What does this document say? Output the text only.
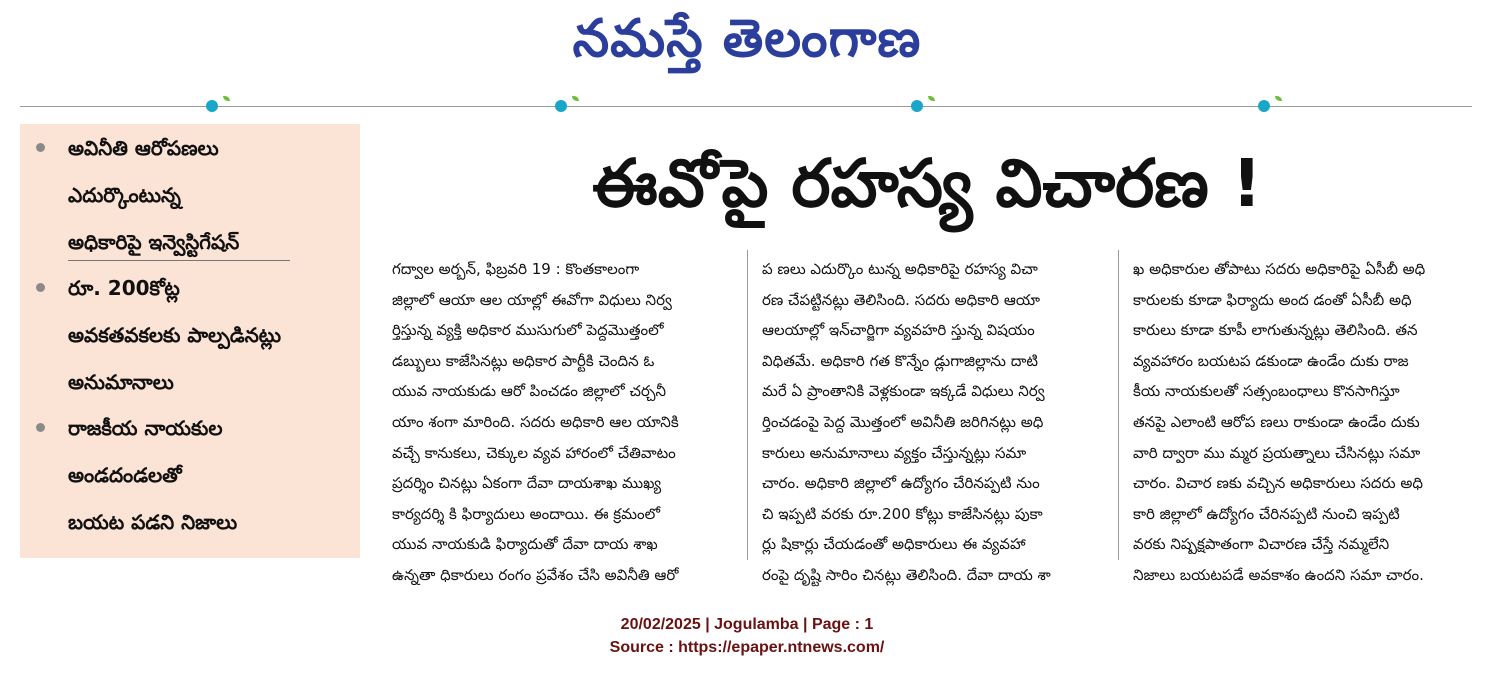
నమస్తే తెలంగాణ
అవినీతి ఆరోపణలు
ఎదుర్కొంటున్న
అధికారిపై ఇన్వెస్టిగేషన్
రూ. 200కోట్ల
అవకతవకలకు పాల్పడినట్లు
అనుమానాలు
రాజకీయ నాయకుల
అండదండలతో
బయట పడని నిజాలు
ఈవోపై రహస్య విచారణ !
గద్వాల అర్బన్, ఫిబ్రవరి 19 : కొంతకాలంగా
జిల్లాలో ఆయా ఆల యాల్లో ఈవోగా విధులు నిర్వ
ర్తిస్తున్న వ్యక్తి అధికార ముసుగులో పెద్దమొత్తంలో
డబ్బులు కాజేసినట్లు అధికార పార్టీకి చెందిన ఓ
యువ నాయకుడు ఆరో పించడం జిల్లాలో చర్చనీ
యాం శంగా మారింది. సదరు అధికారి ఆల యానికి
వచ్చే కానుకలు, చెక్కుల వ్యవ హారంలో చేతివాటం
ప్రదర్శిం చినట్లు ఏకంగా దేవా దాయశాఖ ముఖ్య
కార్యదర్శి కి ఫిర్యాదులు అందాయి. ఈ క్రమంలో
యువ నాయకుడి ఫిర్యాదుతో దేవా దాయ శాఖ
ఉన్నతా ధికారులు రంగం ప్రవేశం చేసి అవినీతి ఆరో
ప ణలు ఎదుర్కొం టున్న అధికారిపై రహస్య విచా
రణ చేపట్టినట్లు తెలిసింది. సదరు అధికారి ఆయా
ఆలయాల్లో ఇన్‌చార్జిగా వ్యవహరి స్తున్న విషయం
విధితమే. అధికారి గత కొన్నేం డ్లుగాజిల్లాను దాటి
మరే ఏ ప్రాంతానికి వెళ్లకుండా ఇక్కడే విధులు నిర్వ
ర్తించడంపై పెద్ద మొత్తంలో అవినీతి జరిగినట్లు అధి
కారులు అనుమానాలు వ్యక్తం చేస్తున్నట్లు సమా
చారం. అధికారి జిల్లాలో ఉద్యోగం చేరినప్పటి నుం
చి ఇప్పటి వరకు రూ.200 కోట్లు కాజేసినట్లు పుకా
ర్లు షికార్లు చేయడంతో అధికారులు ఈ వ్యవహా
రంపై దృష్టి సారిం చినట్లు తెలిసింది. దేవా దాయ శా
ఖ అధికారుల తోపాటు సదరు అధికారిపై ఏసీబీ అధి
కారులకు కూడా ఫిర్యాదు అంద డంతో ఏసీబీ అధి
కారులు కూడా కూపీ లాగుతున్నట్లు తెలిసింది. తన
వ్యవహారం బయటప డకుండా ఉండేం దుకు రాజ
కీయ నాయకులతో సత్సంబంధాలు కొనసాగిస్తూ
తనపై ఎలాంటి ఆరోప ణలు రాకుండా ఉండేం దుకు
వారి ద్వారా ము మ్మర ప్రయత్నాలు చేసినట్లు సమా
చారం. విచార ణకు వచ్చిన అధికారులు సదరు అధి
కారి జిల్లాలో ఉద్యోగం చేరినప్పటి నుంచి ఇప్పటి
వరకు నిష్పక్షపాతంగా విచారణ చేస్తే నమ్మలేని
నిజాలు బయటపడే అవకాశం ఉందని సమా చారం.
20/02/2025 | Jogulamba | Page : 1
Source : https://epaper.ntnews.com/
